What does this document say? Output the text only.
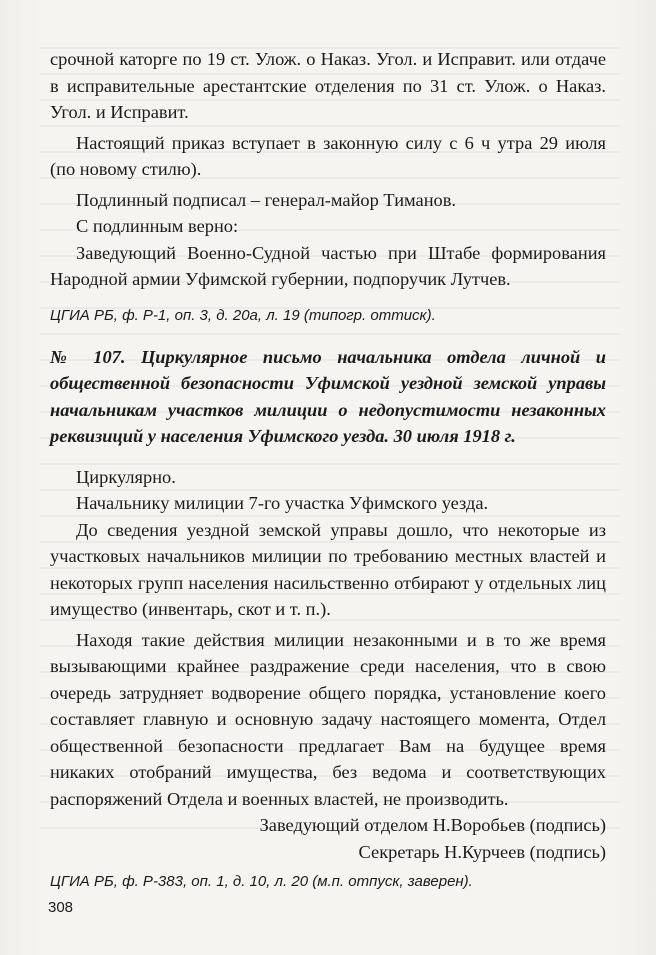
срочной каторге по 19 ст. Улож. о Наказ. Угол. и Исправит. или отдаче в исправительные арестантские отделения по 31 ст. Улож. о Наказ. Угол. и Исправит.

Настоящий приказ вступает в законную силу с 6 ч утра 29 июля (по новому стилю).

Подлинный подписал – генерал-майор Тиманов.

С подлинным верно:

Заведующий Военно-Судной частью при Штабе формирования Народной армии Уфимской губернии, подпоручик Лутчев.

ЦГИА РБ, ф. Р-1, оп. 3, д. 20а, л. 19 (типогр. оттиск).

№ 107. Циркулярное письмо начальника отдела личной и общественной безопасности Уфимской уездной земской управы начальникам участков милиции о недопустимости незаконных реквизиций у населения Уфимского уезда. 30 июля 1918 г.

Циркулярно.

Начальнику милиции 7-го участка Уфимского уезда.

До сведения уездной земской управы дошло, что некоторые из участковых начальников милиции по требованию местных властей и некоторых групп населения насильственно отбирают у отдельных лиц имущество (инвентарь, скот и т. п.).

Находя такие действия милиции незаконными и в то же время вызывающими крайнее раздражение среди населения, что в свою очередь затрудняет водворение общего порядка, установление коего составляет главную и основную задачу настоящего момента, Отдел общественной безопасности предлагает Вам на будущее время никаких отобраний имущества, без ведома и соответствующих распоряжений Отдела и военных властей, не производить.

Заведующий отделом Н.Воробьев (подпись)

Секретарь Н.Курчеев (подпись)

ЦГИА РБ, ф. Р-383, оп. 1, д. 10, л. 20 (м.п. отпуск, заверен).

308
